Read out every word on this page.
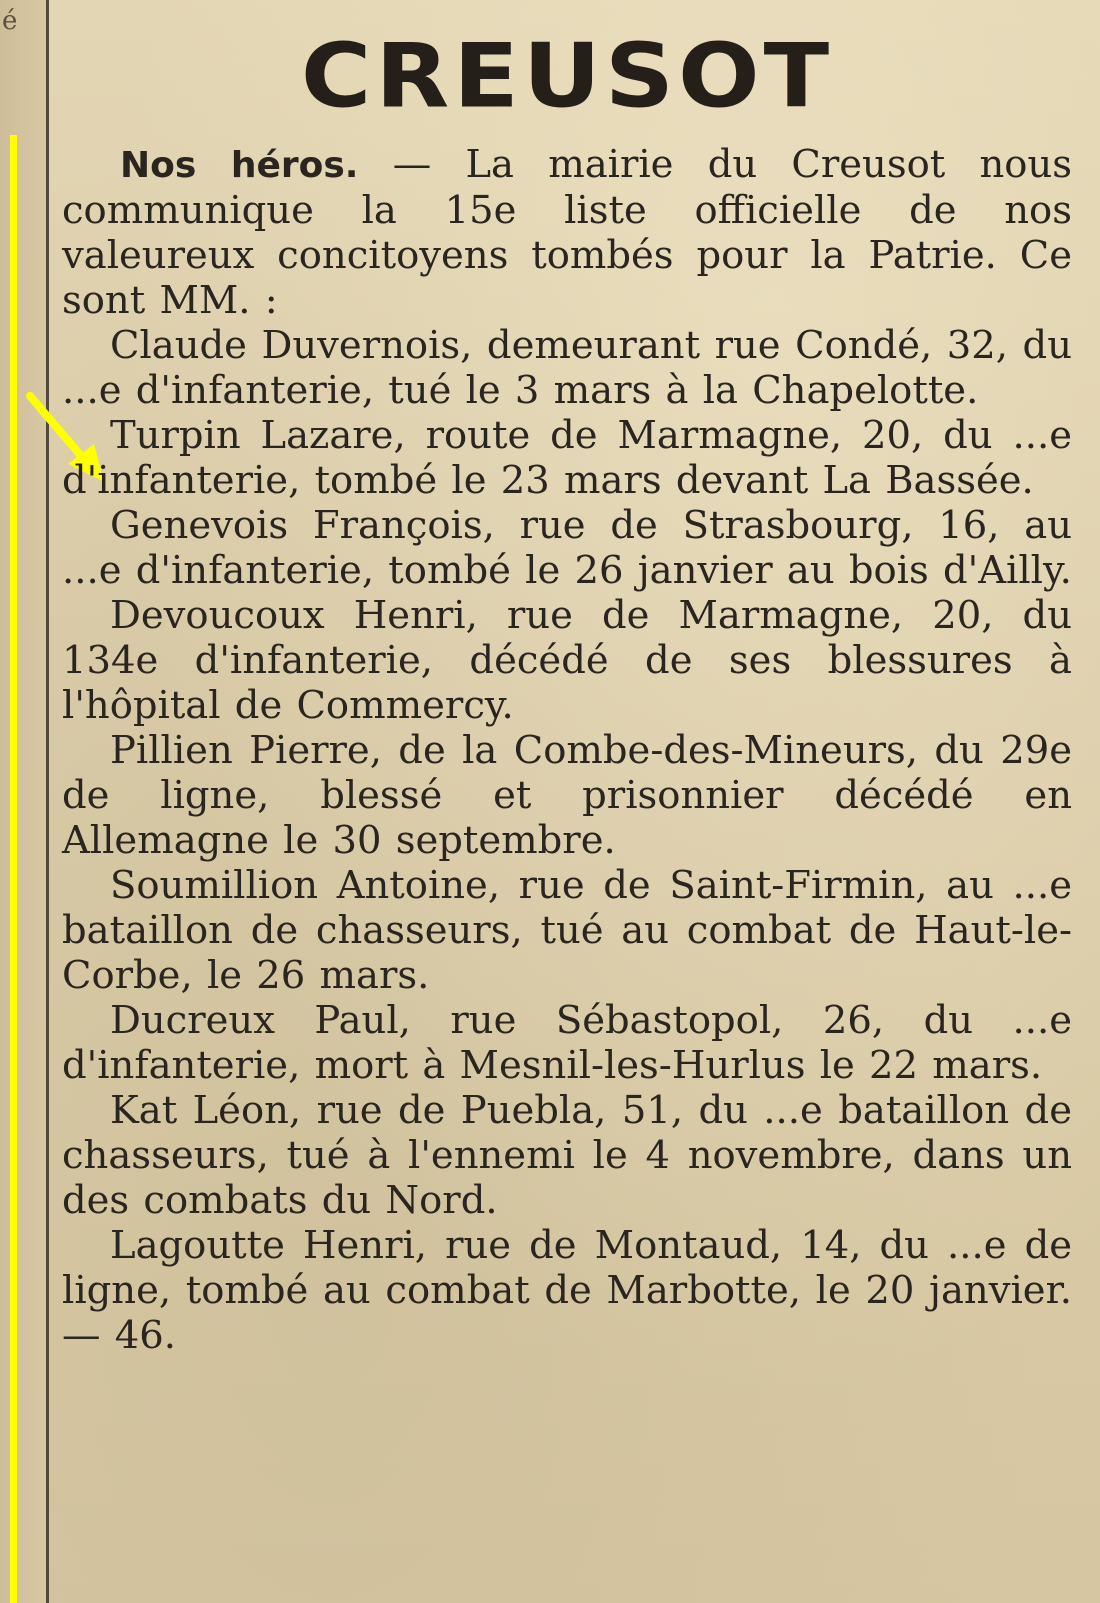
é
CREUSOT

Nos héros. — La mairie du Creusot nous communique la 15e liste officielle de nos valeureux concitoyens tombés pour la Patrie. Ce sont MM. :

Claude Duvernois, demeurant rue Condé, 32, du ...e d'infanterie, tué le 3 mars à la Chapelotte.

Turpin Lazare, route de Marmagne, 20, du ...e d'infanterie, tombé le 23 mars devant La Bassée.

Genevois François, rue de Strasbourg, 16, au ...e d'infanterie, tombé le 26 janvier au bois d'Ailly.

Devoucoux Henri, rue de Marmagne, 20, du 134e d'infanterie, décédé de ses blessures à l'hôpital de Commercy.

Pillien Pierre, de la Combe-des-Mineurs, du 29e de ligne, blessé et prisonnier décédé en Allemagne le 30 septembre.

Soumillion Antoine, rue de Saint-Firmin, au ...e bataillon de chasseurs, tué au combat de Haut-le-Corbe, le 26 mars.

Ducreux Paul, rue Sébastopol, 26, du ...e d'infanterie, mort à Mesnil-les-Hurlus le 22 mars.

Kat Léon, rue de Puebla, 51, du ...e bataillon de chasseurs, tué à l'ennemi le 4 novembre, dans un des combats du Nord.

Lagoutte Henri, rue de Montaud, 14, du ...e de ligne, tombé au combat de Marbotte, le 20 janvier. — 46.
